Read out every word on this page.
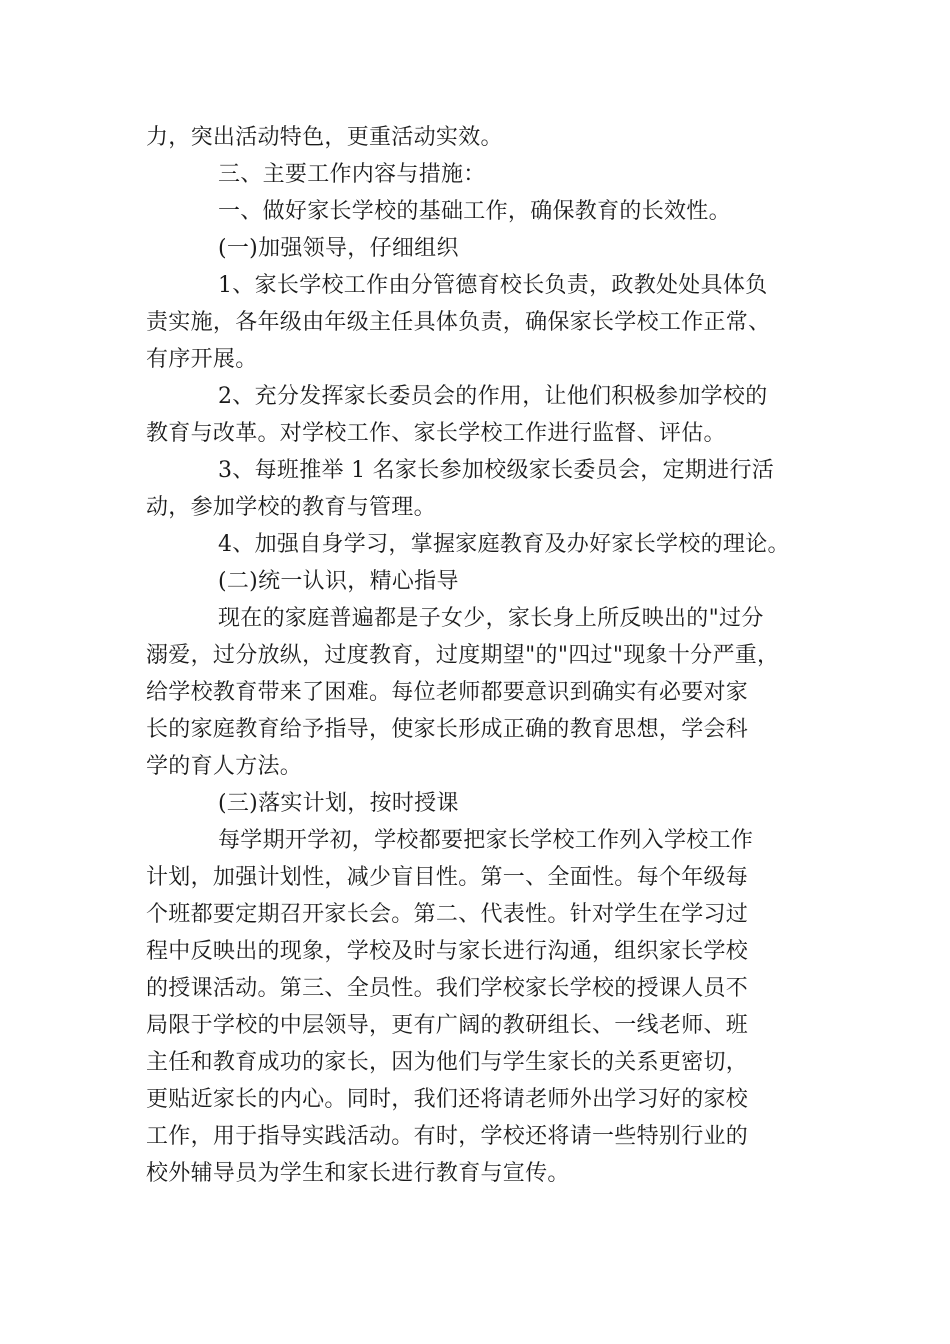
力，突出活动特色，更重活动实效。
三、主要工作内容与措施：
一、做好家长学校的基础工作，确保教育的长效性。
(一)加强领导，仔细组织
1、家长学校工作由分管德育校长负责，政教处处具体负
责实施，各年级由年级主任具体负责，确保家长学校工作正常、
有序开展。
2、充分发挥家长委员会的作用，让他们积极参加学校的
教育与改革。对学校工作、家长学校工作进行监督、评估。
3、每班推举 1 名家长参加校级家长委员会，定期进行活
动，参加学校的教育与管理。
4、加强自身学习，掌握家庭教育及办好家长学校的理论。
(二)统一认识，精心指导
现在的家庭普遍都是子女少，家长身上所反映出的"过分
溺爱，过分放纵，过度教育，过度期望"的"四过"现象十分严重，
给学校教育带来了困难。每位老师都要意识到确实有必要对家
长的家庭教育给予指导，使家长形成正确的教育思想，学会科
学的育人方法。
(三)落实计划，按时授课
每学期开学初，学校都要把家长学校工作列入学校工作
计划，加强计划性，减少盲目性。第一、全面性。每个年级每
个班都要定期召开家长会。第二、代表性。针对学生在学习过
程中反映出的现象，学校及时与家长进行沟通，组织家长学校
的授课活动。第三、全员性。我们学校家长学校的授课人员不
局限于学校的中层领导，更有广阔的教研组长、一线老师、班
主任和教育成功的家长，因为他们与学生家长的关系更密切，
更贴近家长的内心。同时，我们还将请老师外出学习好的家校
工作，用于指导实践活动。有时，学校还将请一些特别行业的
校外辅导员为学生和家长进行教育与宣传。
